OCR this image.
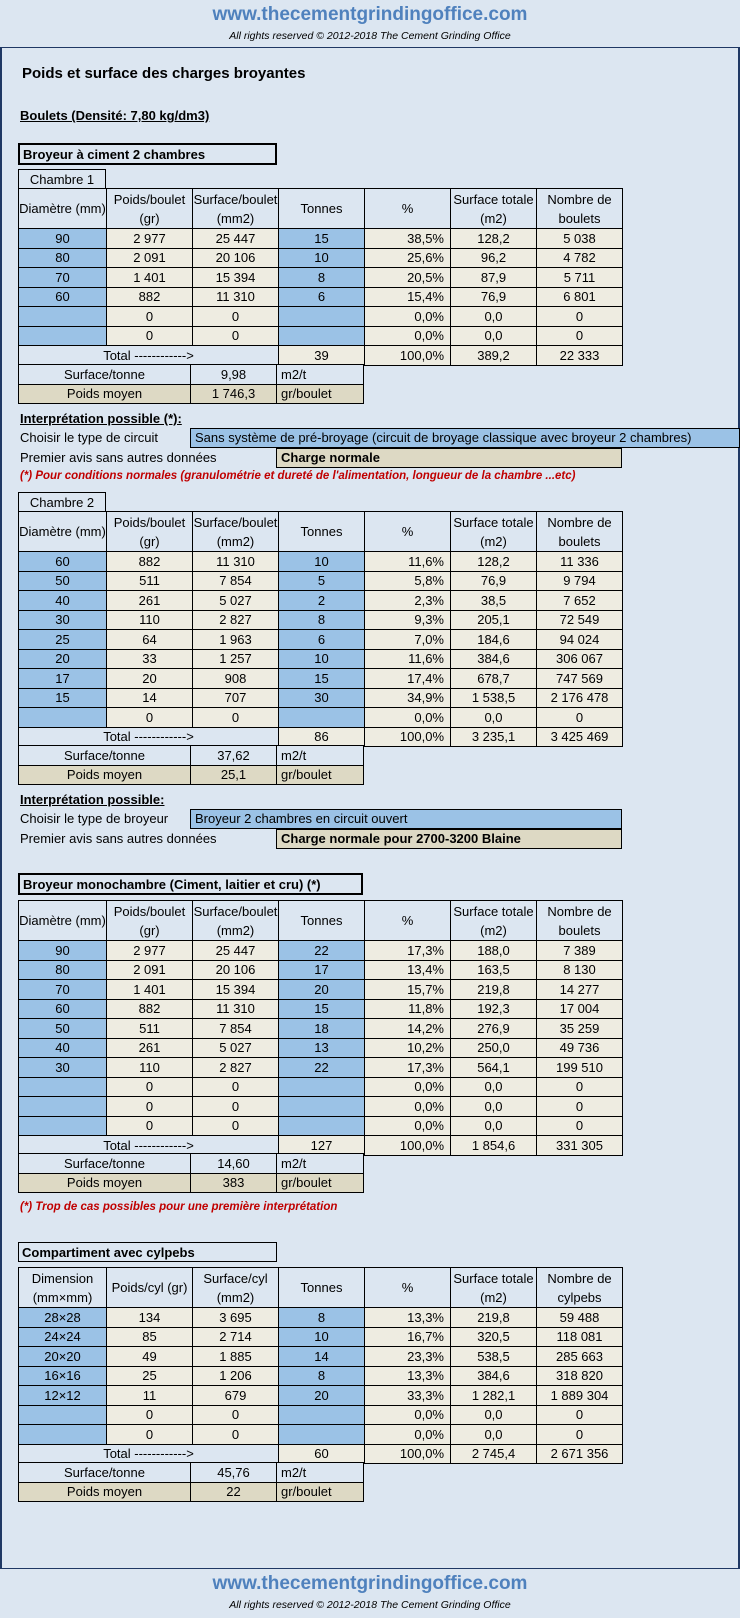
www.thecementgrindingoffice.com
All rights reserved © 2012-2018 The Cement Grinding Office
Poids et surface des charges broyantes
Boulets (Densité: 7,80 kg/dm3)
Broyeur à ciment 2 chambres
Chambre 1
Diamètre (mm)	Poids/boulet (gr)	Surface/boulet (mm2)	Tonnes	%	Surface totale (m2)	Nombre de boulets
90	2 977	25 447	15	38,5%	128,2	5 038
80	2 091	20 106	10	25,6%	96,2	4 782
70	1 401	15 394	8	20,5%	87,9	5 711
60	882	11 310	6	15,4%	76,9	6 801
	0	0		0,0%	0,0	0
	0	0		0,0%	0,0	0
Total ------------>			39	100,0%	389,2	22 333
Surface/tonne	9,98	m2/t
Poids moyen	1 746,3	gr/boulet
Interprétation possible (*):
Choisir le type de circuit	Sans système de pré-broyage (circuit de broyage classique avec broyeur 2 chambres)
Premier avis sans autres données	Charge normale
(*) Pour conditions normales (granulométrie et dureté de l'alimentation, longueur de la chambre ...etc)
Chambre 2
Diamètre (mm)	Poids/boulet (gr)	Surface/boulet (mm2)	Tonnes	%	Surface totale (m2)	Nombre de boulets
60	882	11 310	10	11,6%	128,2	11 336
50	511	7 854	5	5,8%	76,9	9 794
40	261	5 027	2	2,3%	38,5	7 652
30	110	2 827	8	9,3%	205,1	72 549
25	64	1 963	6	7,0%	184,6	94 024
20	33	1 257	10	11,6%	384,6	306 067
17	20	908	15	17,4%	678,7	747 569
15	14	707	30	34,9%	1 538,5	2 176 478
	0	0		0,0%	0,0	0
Total ------------>			86	100,0%	3 235,1	3 425 469
Surface/tonne	37,62	m2/t
Poids moyen	25,1	gr/boulet
Interprétation possible:
Choisir le type de broyeur	Broyeur 2 chambres en circuit ouvert
Premier avis sans autres données	Charge normale pour 2700-3200 Blaine
Broyeur monochambre (Ciment, laitier et cru) (*)
Diamètre (mm)	Poids/boulet (gr)	Surface/boulet (mm2)	Tonnes	%	Surface totale (m2)	Nombre de boulets
90	2 977	25 447	22	17,3%	188,0	7 389
80	2 091	20 106	17	13,4%	163,5	8 130
70	1 401	15 394	20	15,7%	219,8	14 277
60	882	11 310	15	11,8%	192,3	17 004
50	511	7 854	18	14,2%	276,9	35 259
40	261	5 027	13	10,2%	250,0	49 736
30	110	2 827	22	17,3%	564,1	199 510
	0	0		0,0%	0,0	0
	0	0		0,0%	0,0	0
	0	0		0,0%	0,0	0
Total ------------>			127	100,0%	1 854,6	331 305
Surface/tonne	14,60	m2/t
Poids moyen	383	gr/boulet
(*) Trop de cas possibles pour une première interprétation
Compartiment avec cylpebs
Dimension (mm×mm)	Poids/cyl (gr)	Surface/cyl (mm2)	Tonnes	%	Surface totale (m2)	Nombre de cylpebs
28×28	134	3 695	8	13,3%	219,8	59 488
24×24	85	2 714	10	16,7%	320,5	118 081
20×20	49	1 885	14	23,3%	538,5	285 663
16×16	25	1 206	8	13,3%	384,6	318 820
12×12	11	679	20	33,3%	1 282,1	1 889 304
	0	0		0,0%	0,0	0
	0	0		0,0%	0,0	0
Total ------------>			60	100,0%	2 745,4	2 671 356
Surface/tonne	45,76	m2/t
Poids moyen	22	gr/boulet
www.thecementgrindingoffice.com
All rights reserved © 2012-2018 The Cement Grinding Office
